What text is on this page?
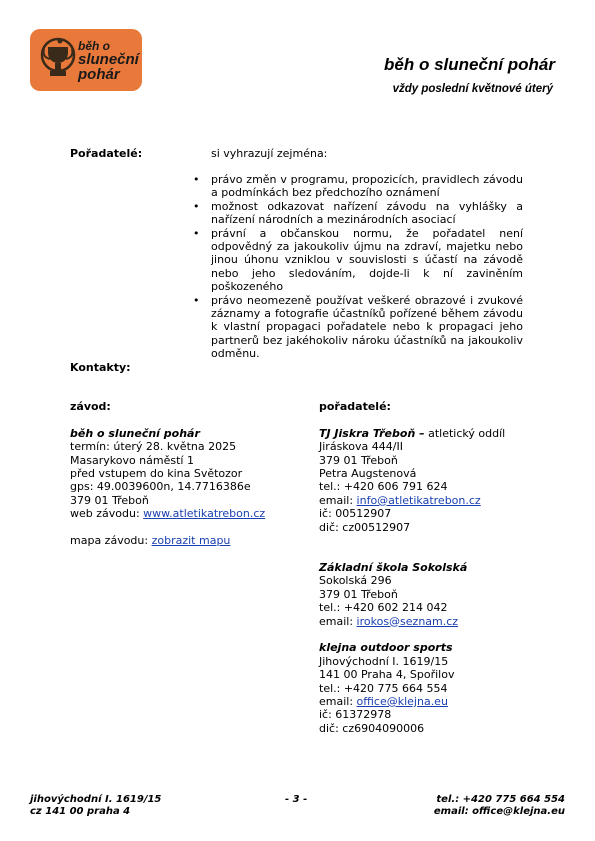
běh o
sluneční
pohár
běh o sluneční pohár
vždy poslední květnové úterý
Pořadatelé:	si vyhrazují zejména:
• právo změn v programu, propozicích, pravidlech závodu a podmínkách bez předchozího oznámení
• možnost odkazovat nařízení závodu na vyhlášky a nařízení národních a mezinárodních asociací
• právní a občanskou normu, že pořadatel není odpovědný za jakoukoliv újmu na zdraví, majetku nebo jinou úhonu vzniklou v souvislosti s účastí na závodě nebo jeho sledováním, dojde-li k ní zaviněním poškozeného
• právo neomezeně používat veškeré obrazové i zvukové záznamy a fotografie účastníků pořízené během závodu k vlastní propagaci pořadatele nebo k propagaci jeho partnerů bez jakéhokoliv nároku účastníků na jakoukoliv odměnu.
Kontakty:
závod:

běh o sluneční pohár
termín: úterý 28. května 2025
Masarykovo náměstí 1
před vstupem do kina Světozor
gps: 49.0039600n, 14.7716386e
379 01 Třeboň
web závodu: www.atletikatrebon.cz

mapa závodu: zobrazit mapu
pořadatelé:

TJ Jiskra Třeboň – atletický oddíl
Jiráskova 444/II
379 01 Třeboň
Petra Augstenová
tel.: +420 606 791 624
email: info@atletikatrebon.cz
ič: 00512907
dič: cz00512907

Základní škola Sokolská
Sokolská 296
379 01 Třeboň
tel.: +420 602 214 042
email: irokos@seznam.cz

klejna outdoor sports
Jihovýchodní I. 1619/15
141 00 Praha 4, Spořilov
tel.: +420 775 664 554
email: office@klejna.eu
ič: 61372978
dič: cz6904090006
jihovýchodní I. 1619/15
cz 141 00 praha 4
- 3 -	tel.: +420 775 664 554
email: office@klejna.eu
